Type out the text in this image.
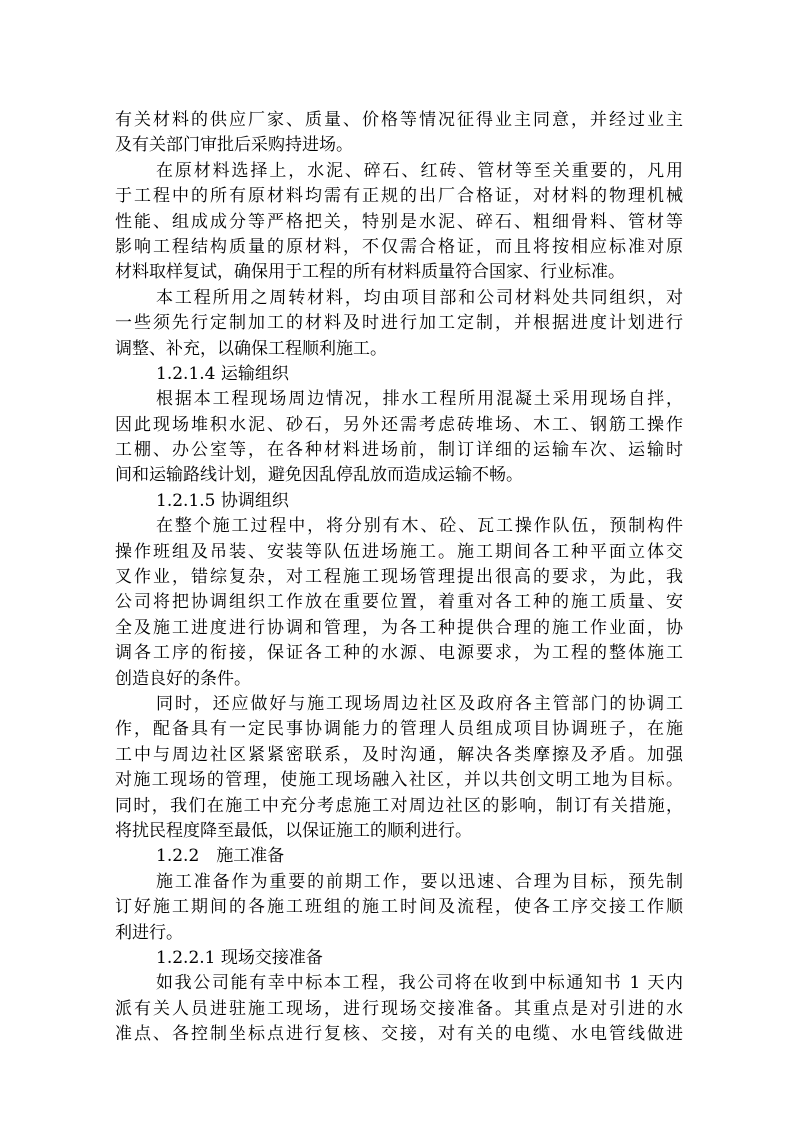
有关材料的供应厂家、质量、价格等情况征得业主同意，并经过业主
及有关部门审批后采购持进场。
在原材料选择上，水泥、碎石、红砖、管材等至关重要的，凡用
于工程中的所有原材料均需有正规的出厂合格证，对材料的物理机械
性能、组成成分等严格把关，特别是水泥、碎石、粗细骨料、管材等
影响工程结构质量的原材料，不仅需合格证，而且将按相应标准对原
材料取样复试，确保用于工程的所有材料质量符合国家、行业标准。
本工程所用之周转材料，均由项目部和公司材料处共同组织，对
一些须先行定制加工的材料及时进行加工定制，并根据进度计划进行
调整、补充，以确保工程顺利施工。
1.2.1.4 运输组织
根据本工程现场周边情况，排水工程所用混凝土采用现场自拌，
因此现场堆积水泥、砂石，另外还需考虑砖堆场、木工、钢筋工操作
工棚、办公室等，在各种材料进场前，制订详细的运输车次、运输时
间和运输路线计划，避免因乱停乱放而造成运输不畅。
1.2.1.5 协调组织
在整个施工过程中，将分别有木、砼、瓦工操作队伍，预制构件
操作班组及吊装、安装等队伍进场施工。施工期间各工种平面立体交
叉作业，错综复杂，对工程施工现场管理提出很高的要求，为此，我
公司将把协调组织工作放在重要位置，着重对各工种的施工质量、安
全及施工进度进行协调和管理，为各工种提供合理的施工作业面，协
调各工序的衔接，保证各工种的水源、电源要求，为工程的整体施工
创造良好的条件。
同时，还应做好与施工现场周边社区及政府各主管部门的协调工
作，配备具有一定民事协调能力的管理人员组成项目协调班子，在施
工中与周边社区紧紧密联系，及时沟通，解决各类摩擦及矛盾。加强
对施工现场的管理，使施工现场融入社区，并以共创文明工地为目标。
同时，我们在施工中充分考虑施工对周边社区的影响，制订有关措施，
将扰民程度降至最低，以保证施工的顺利进行。
1.2.2　施工准备
施工准备作为重要的前期工作，要以迅速、合理为目标，预先制
订好施工期间的各施工班组的施工时间及流程，使各工序交接工作顺
利进行。
1.2.2.1 现场交接准备
如我公司能有幸中标本工程，我公司将在收到中标通知书 1 天内
派有关人员进驻施工现场，进行现场交接准备。其重点是对引进的水
准点、各控制坐标点进行复核、交接，对有关的电缆、水电管线做进
